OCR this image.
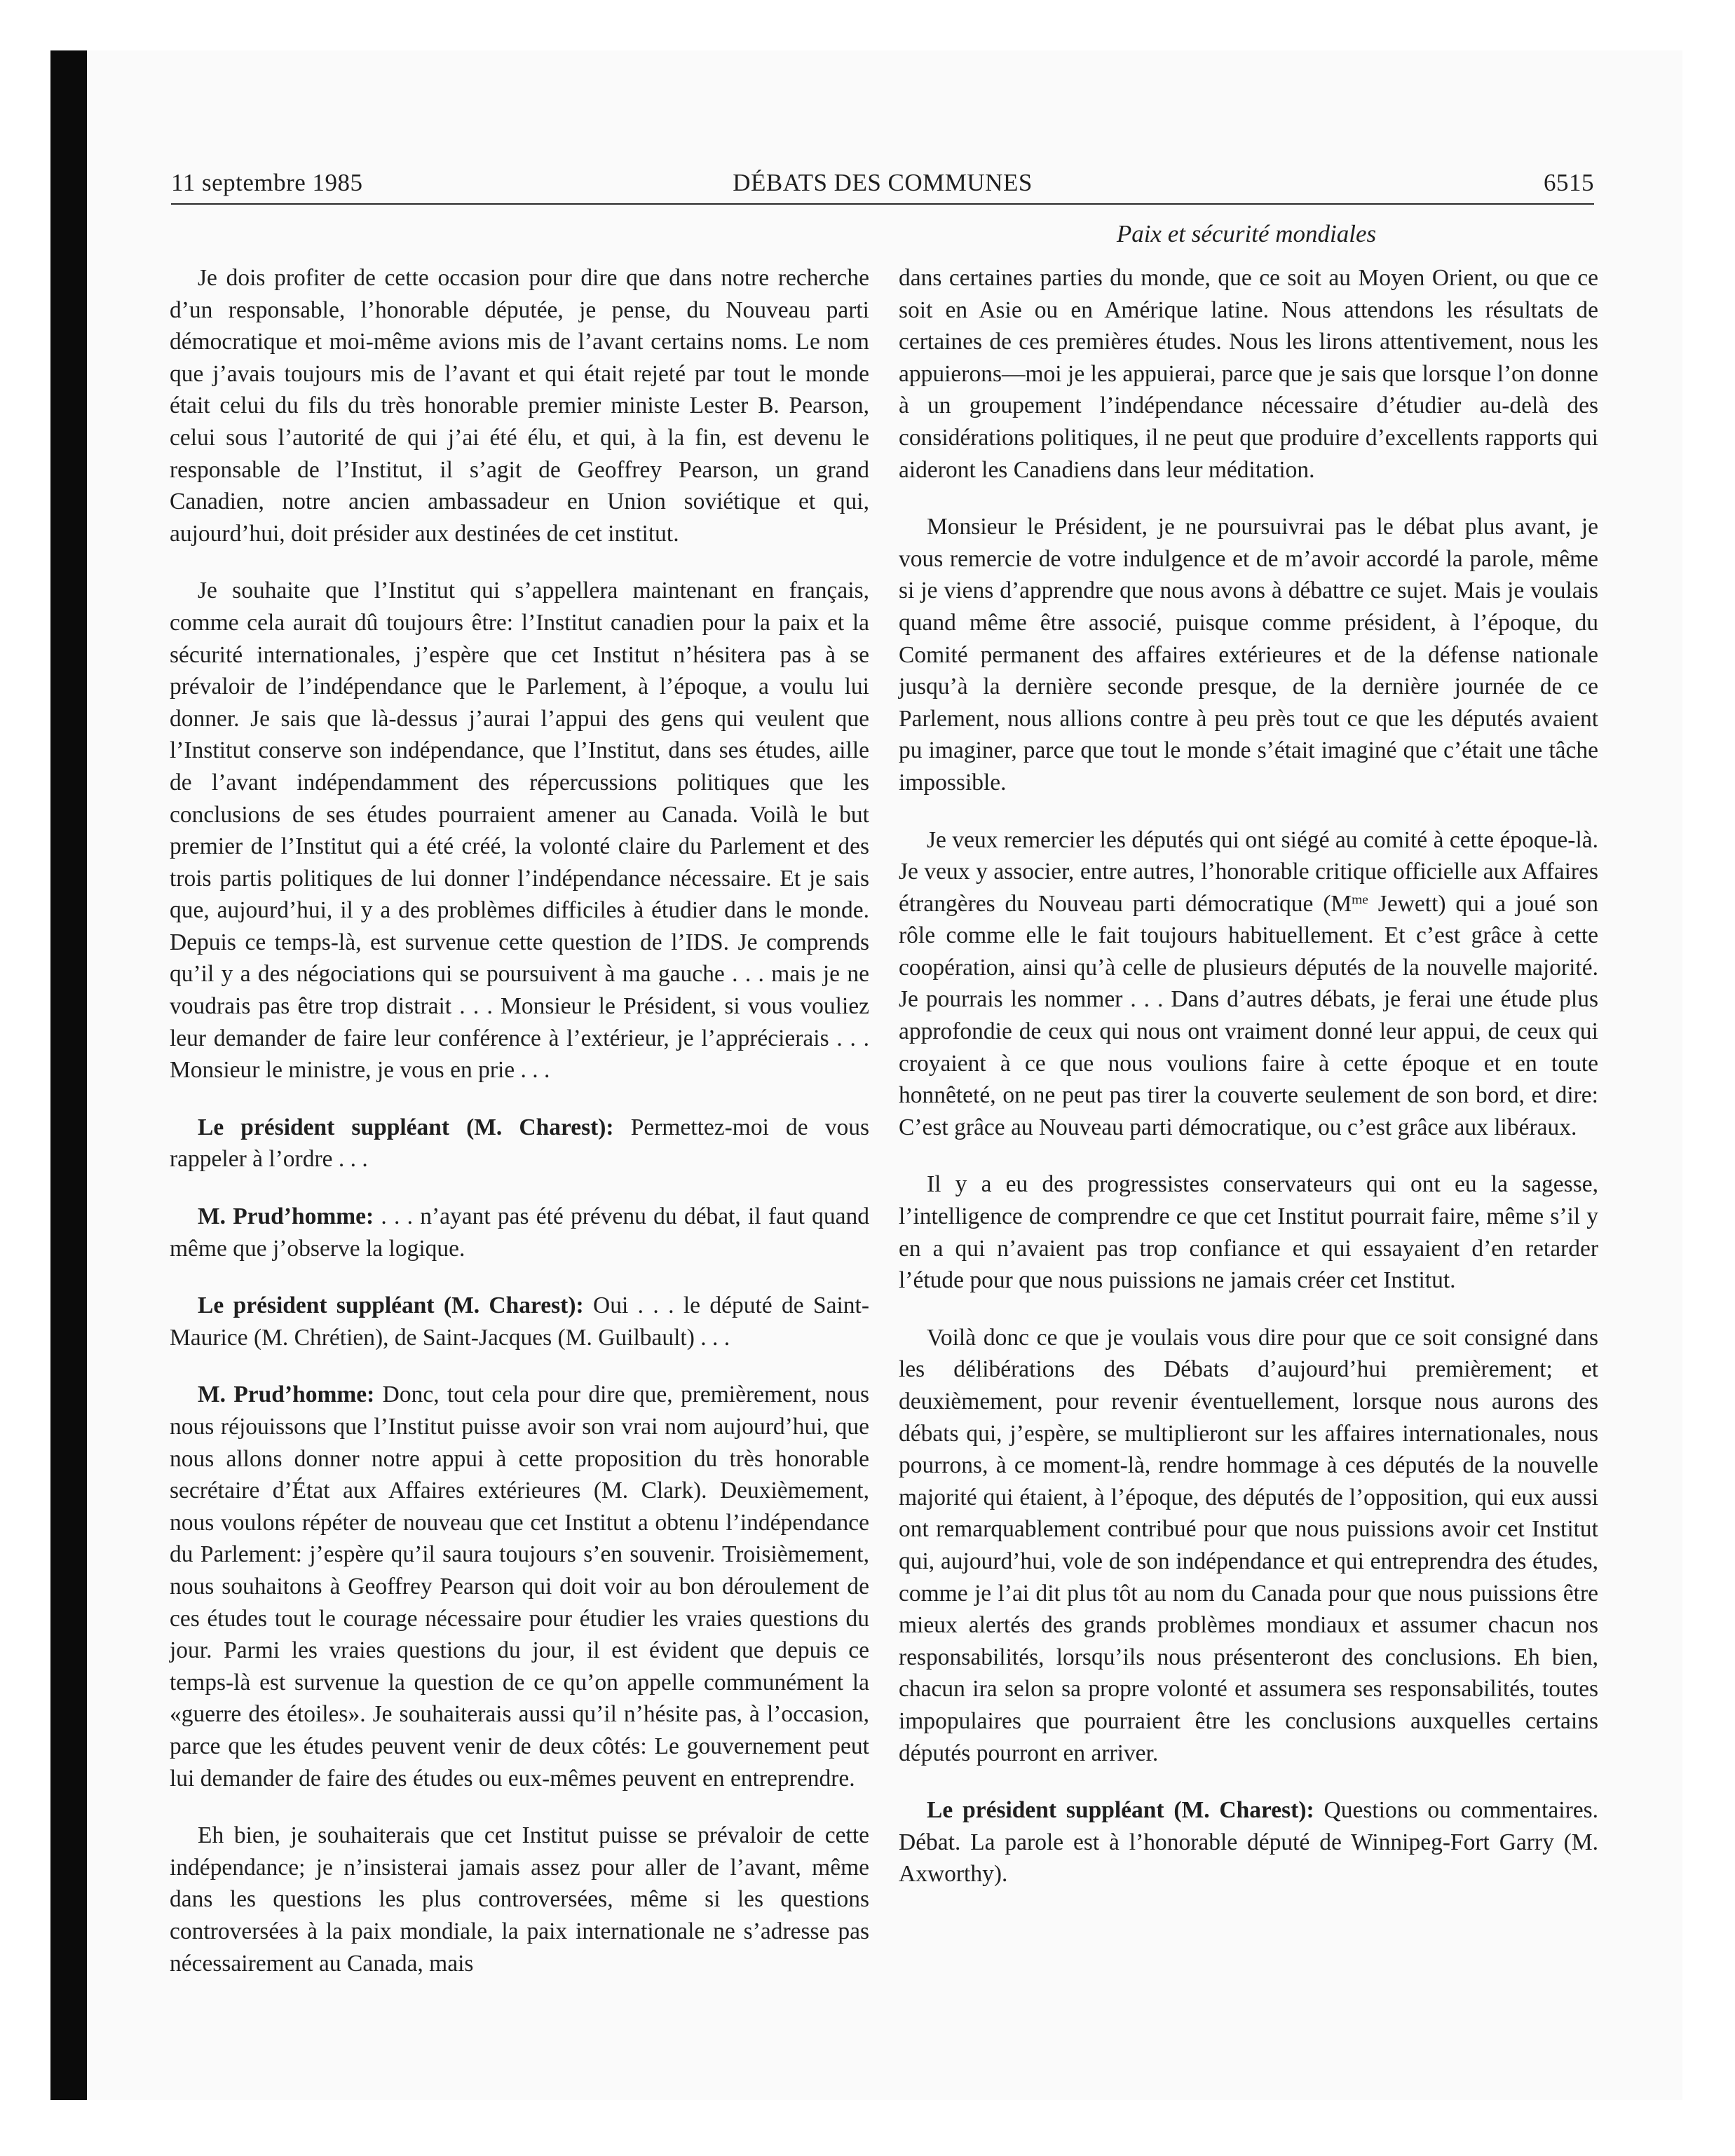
11 septembre 1985	DÉBATS DES COMMUNES	6515
Paix et sécurité mondiales

Je dois profiter de cette occasion pour dire que dans notre recherche d’un responsable, l’honorable députée, je pense, du Nouveau parti démocratique et moi-même avions mis de l’avant certains noms. Le nom que j’avais toujours mis de l’avant et qui était rejeté par tout le monde était celui du fils du très honorable premier ministe Lester B. Pearson, celui sous l’autorité de qui j’ai été élu, et qui, à la fin, est devenu le responsable de l’Institut, il s’agit de Geoffrey Pearson, un grand Canadien, notre ancien ambassadeur en Union soviétique et qui, aujourd’hui, doit présider aux destinées de cet institut.

Je souhaite que l’Institut qui s’appellera maintenant en français, comme cela aurait dû toujours être: l’Institut canadien pour la paix et la sécurité internationales, j’espère que cet Institut n’hésitera pas à se prévaloir de l’indépendance que le Parlement, à l’époque, a voulu lui donner. Je sais que là-dessus j’aurai l’appui des gens qui veulent que l’Institut conserve son indépendance, que l’Institut, dans ses études, aille de l’avant indépendamment des répercussions politiques que les conclusions de ses études pourraient amener au Canada. Voilà le but premier de l’Institut qui a été créé, la volonté claire du Parlement et des trois partis politiques de lui donner l’indépendance nécessaire. Et je sais que, aujourd’hui, il y a des problèmes difficiles à étudier dans le monde. Depuis ce temps-là, est survenue cette question de l’IDS. Je comprends qu’il y a des négociations qui se poursuivent à ma gauche . . . mais je ne voudrais pas être trop distrait . . . Monsieur le Président, si vous vouliez leur demander de faire leur conférence à l’extérieur, je l’apprécierais . . . Monsieur le ministre, je vous en prie . . .

Le président suppléant (M. Charest): Permettez-moi de vous rappeler à l’ordre . . .

M. Prud’homme: . . . n’ayant pas été prévenu du débat, il faut quand même que j’observe la logique.

Le président suppléant (M. Charest): Oui . . . le député de Saint-Maurice (M. Chrétien), de Saint-Jacques (M. Guilbault) . . .

M. Prud’homme: Donc, tout cela pour dire que, premièrement, nous nous réjouissons que l’Institut puisse avoir son vrai nom aujourd’hui, que nous allons donner notre appui à cette proposition du très honorable secrétaire d’État aux Affaires extérieures (M. Clark). Deuxièmement, nous voulons répéter de nouveau que cet Institut a obtenu l’indépendance du Parlement: j’espère qu’il saura toujours s’en souvenir. Troisièmement, nous souhaitons à Geoffrey Pearson qui doit voir au bon déroulement de ces études tout le courage nécessaire pour étudier les vraies questions du jour. Parmi les vraies questions du jour, il est évident que depuis ce temps-là est survenue la question de ce qu’on appelle communément la «guerre des étoiles». Je souhaiterais aussi qu’il n’hésite pas, à l’occasion, parce que les études peuvent venir de deux côtés: Le gouvernement peut lui demander de faire des études ou eux-mêmes peuvent en entreprendre.

Eh bien, je souhaiterais que cet Institut puisse se prévaloir de cette indépendance; je n’insisterai jamais assez pour aller de l’avant, même dans les questions les plus controversées, même si les questions controversées à la paix mondiale, la paix internationale ne s’adresse pas nécessairement au Canada, mais

dans certaines parties du monde, que ce soit au Moyen Orient, ou que ce soit en Asie ou en Amérique latine. Nous attendons les résultats de certaines de ces premières études. Nous les lirons attentivement, nous les appuierons—moi je les appuierai, parce que je sais que lorsque l’on donne à un groupement l’indépendance nécessaire d’étudier au-delà des considérations politiques, il ne peut que produire d’excellents rapports qui aideront les Canadiens dans leur méditation.

Monsieur le Président, je ne poursuivrai pas le débat plus avant, je vous remercie de votre indulgence et de m’avoir accordé la parole, même si je viens d’apprendre que nous avons à débattre ce sujet. Mais je voulais quand même être associé, puisque comme président, à l’époque, du Comité permanent des affaires extérieures et de la défense nationale jusqu’à la dernière seconde presque, de la dernière journée de ce Parlement, nous allions contre à peu près tout ce que les députés avaient pu imaginer, parce que tout le monde s’était imaginé que c’était une tâche impossible.

Je veux remercier les députés qui ont siégé au comité à cette époque-là. Je veux y associer, entre autres, l’honorable critique officielle aux Affaires étrangères du Nouveau parti démocratique ($M^{me}$ Jewett) qui a joué son rôle comme elle le fait toujours habituellement. Et c’est grâce à cette coopération, ainsi qu’à celle de plusieurs députés de la nouvelle majorité. Je pourrais les nommer . . . Dans d’autres débats, je ferai une étude plus approfondie de ceux qui nous ont vraiment donné leur appui, de ceux qui croyaient à ce que nous voulions faire à cette époque et en toute honnêteté, on ne peut pas tirer la couverte seulement de son bord, et dire: C’est grâce au Nouveau parti démocratique, ou c’est grâce aux libéraux.

Il y a eu des progressistes conservateurs qui ont eu la sagesse, l’intelligence de comprendre ce que cet Institut pourrait faire, même s’il y en a qui n’avaient pas trop confiance et qui essayaient d’en retarder l’étude pour que nous puissions ne jamais créer cet Institut.

Voilà donc ce que je voulais vous dire pour que ce soit consigné dans les délibérations des Débats d’aujourd’hui premièrement; et deuxièmement, pour revenir éventuellement, lorsque nous aurons des débats qui, j’espère, se multiplieront sur les affaires internationales, nous pourrons, à ce moment-là, rendre hommage à ces députés de la nouvelle majorité qui étaient, à l’époque, des députés de l’opposition, qui eux aussi ont remarquablement contribué pour que nous puissions avoir cet Institut qui, aujourd’hui, vole de son indépendance et qui entreprendra des études, comme je l’ai dit plus tôt au nom du Canada pour que nous puissions être mieux alertés des grands problèmes mondiaux et assumer chacun nos responsabilités, lorsqu’ils nous présenteront des conclusions. Eh bien, chacun ira selon sa propre volonté et assumera ses responsabilités, toutes impopulaires que pourraient être les conclusions auxquelles certains députés pourront en arriver.

Le président suppléant (M. Charest): Questions ou commentaires. Débat. La parole est à l’honorable député de Winnipeg-Fort Garry (M. Axworthy).
